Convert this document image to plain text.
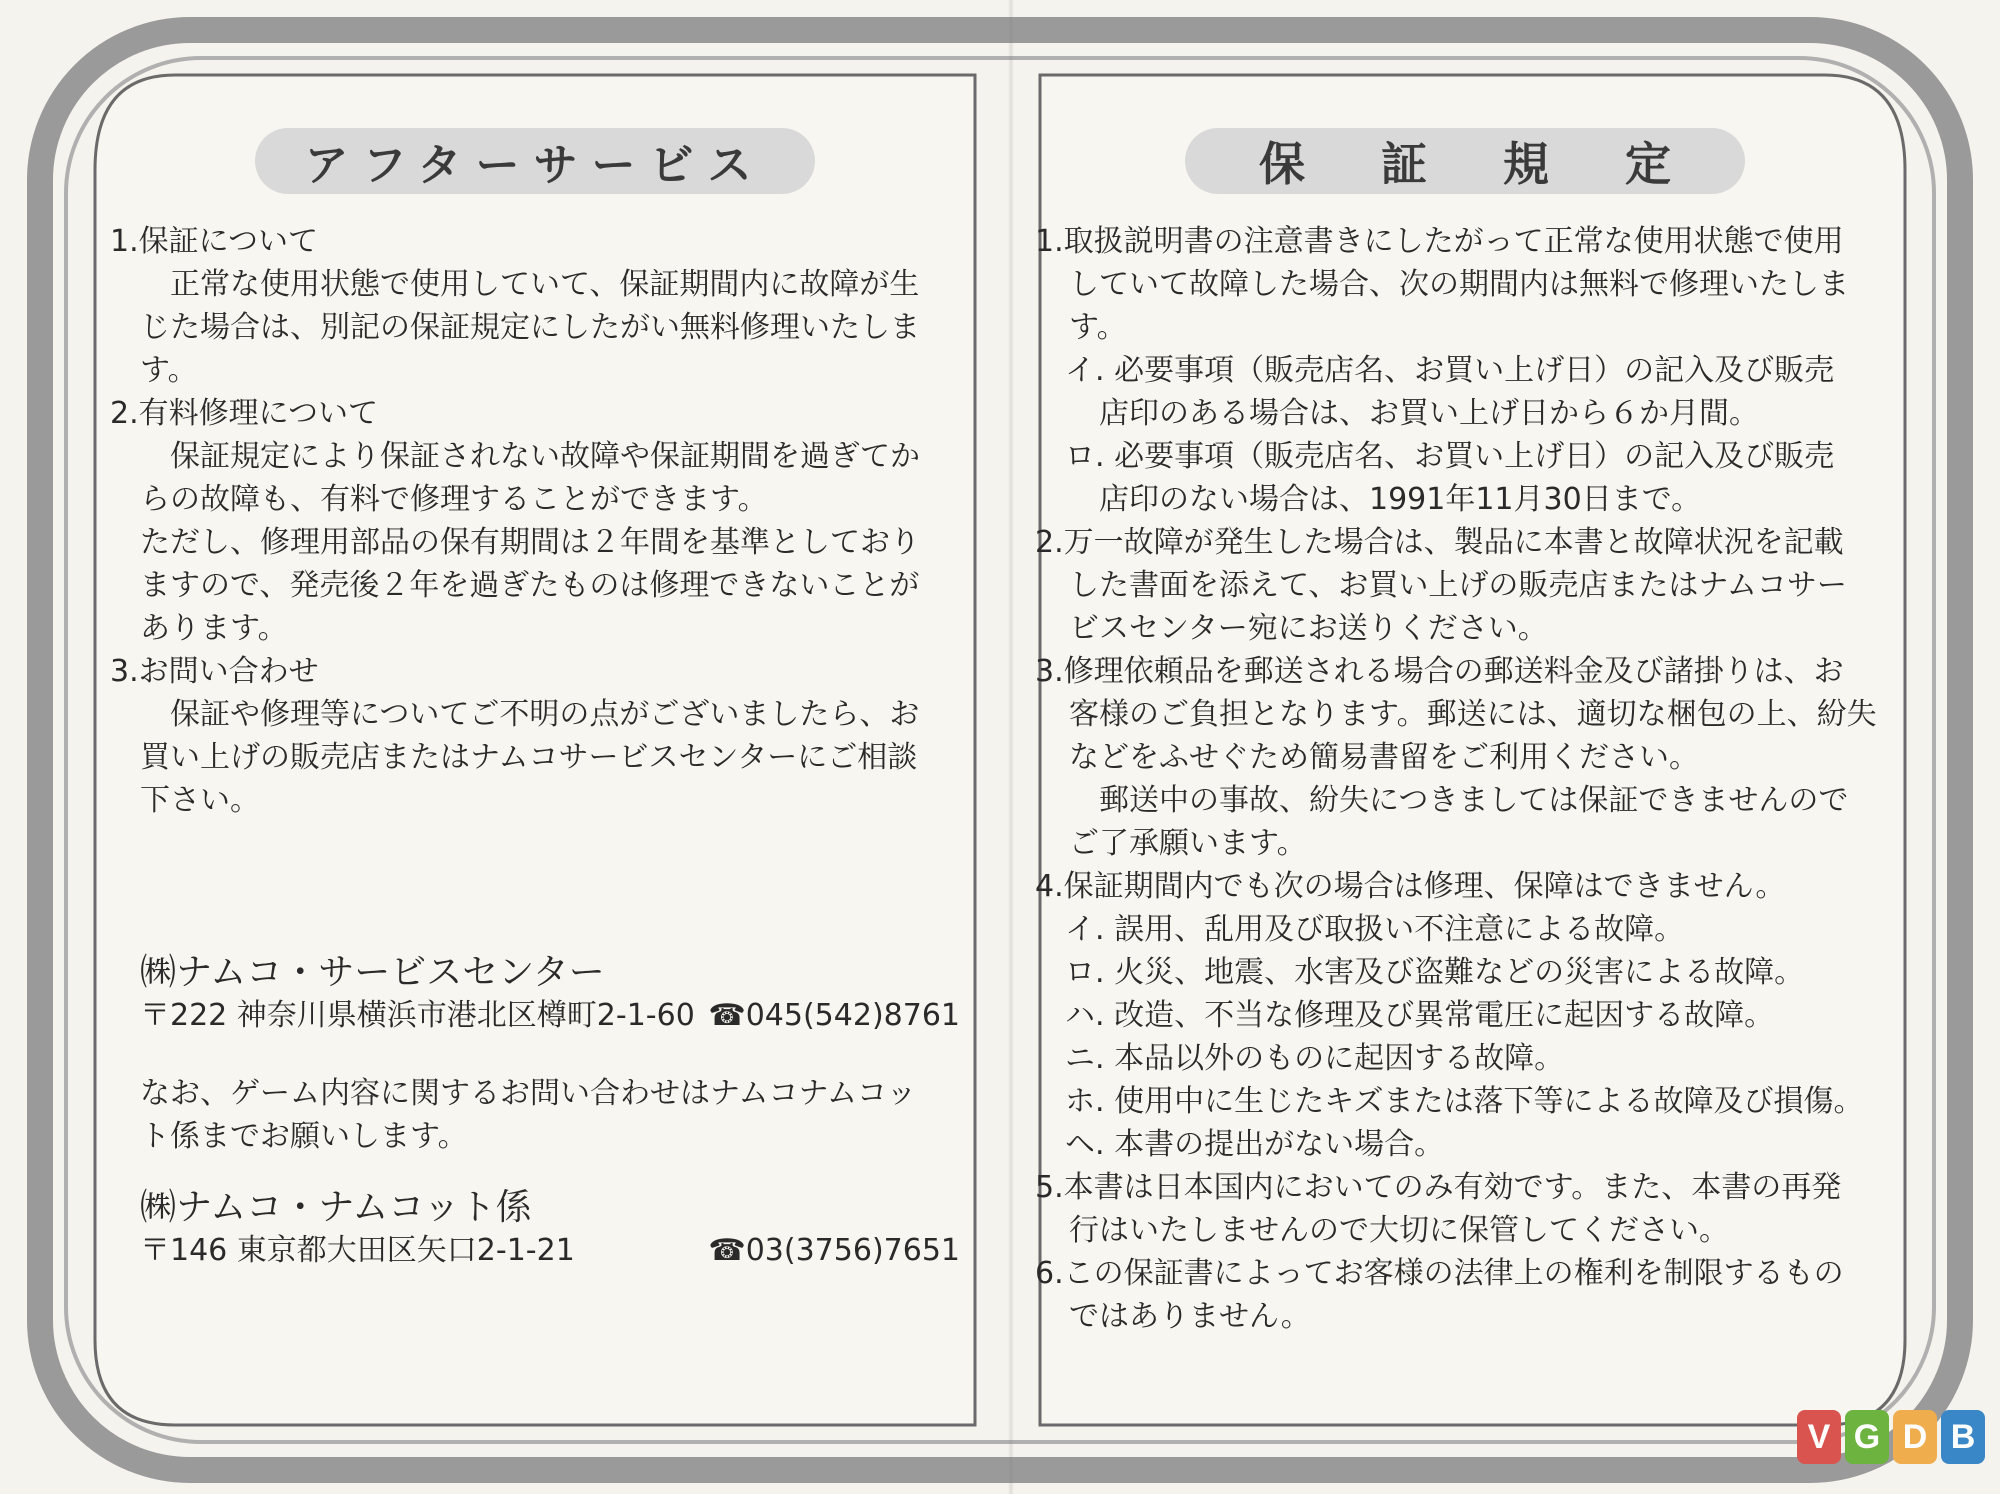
アフターサービス	保 証 規 定
1.保証について
正常な使用状態で使用していて、保証期間内に故障が生
じた場合は、別記の保証規定にしたがい無料修理いたしま
す。
2.有料修理について
保証規定により保証されない故障や保証期間を過ぎてか
らの故障も、有料で修理することができます。
ただし、修理用部品の保有期間は２年間を基準としており
ますので、発売後２年を過ぎたものは修理できないことが
あります。
3.お問い合わせ
保証や修理等についてご不明の点がございましたら、お
買い上げの販売店またはナムコサービスセンターにご相談
下さい。
㈱ナムコ・サービスセンター
〒222 神奈川県横浜市港北区樽町2-1-60 ☎045(542)8761
なお、ゲーム内容に関するお問い合わせはナムコナムコッ
ト係までお願いします。
㈱ナムコ・ナムコット係
〒146 東京都大田区矢口2-1-21	☎03(3756)7651
1.取扱説明書の注意書きにしたがって正常な使用状態で使用
していて故障した場合、次の期間内は無料で修理いたしま
す。
イ. 必要事項（販売店名、お買い上げ日）の記入及び販売
店印のある場合は、お買い上げ日から６か月間。
ロ. 必要事項（販売店名、お買い上げ日）の記入及び販売
店印のない場合は、1991年11月30日まで。
2.万一故障が発生した場合は、製品に本書と故障状況を記載
した書面を添えて、お買い上げの販売店またはナムコサー
ビスセンター宛にお送りください。
3.修理依頼品を郵送される場合の郵送料金及び諸掛りは、お
客様のご負担となります。郵送には、適切な梱包の上、紛失
などをふせぐため簡易書留をご利用ください。
　郵送中の事故、紛失につきましては保証できませんので
ご了承願います。
4.保証期間内でも次の場合は修理、保障はできません。
イ. 誤用、乱用及び取扱い不注意による故障。
ロ. 火災、地震、水害及び盗難などの災害による故障。
ハ. 改造、不当な修理及び異常電圧に起因する故障。
ニ. 本品以外のものに起因する故障。
ホ. 使用中に生じたキズまたは落下等による故障及び損傷。
ヘ. 本書の提出がない場合。
5.本書は日本国内においてのみ有効です。また、本書の再発
行はいたしませんので大切に保管してください。
6.この保証書によってお客様の法律上の権利を制限するもの
ではありません。
V G D B
